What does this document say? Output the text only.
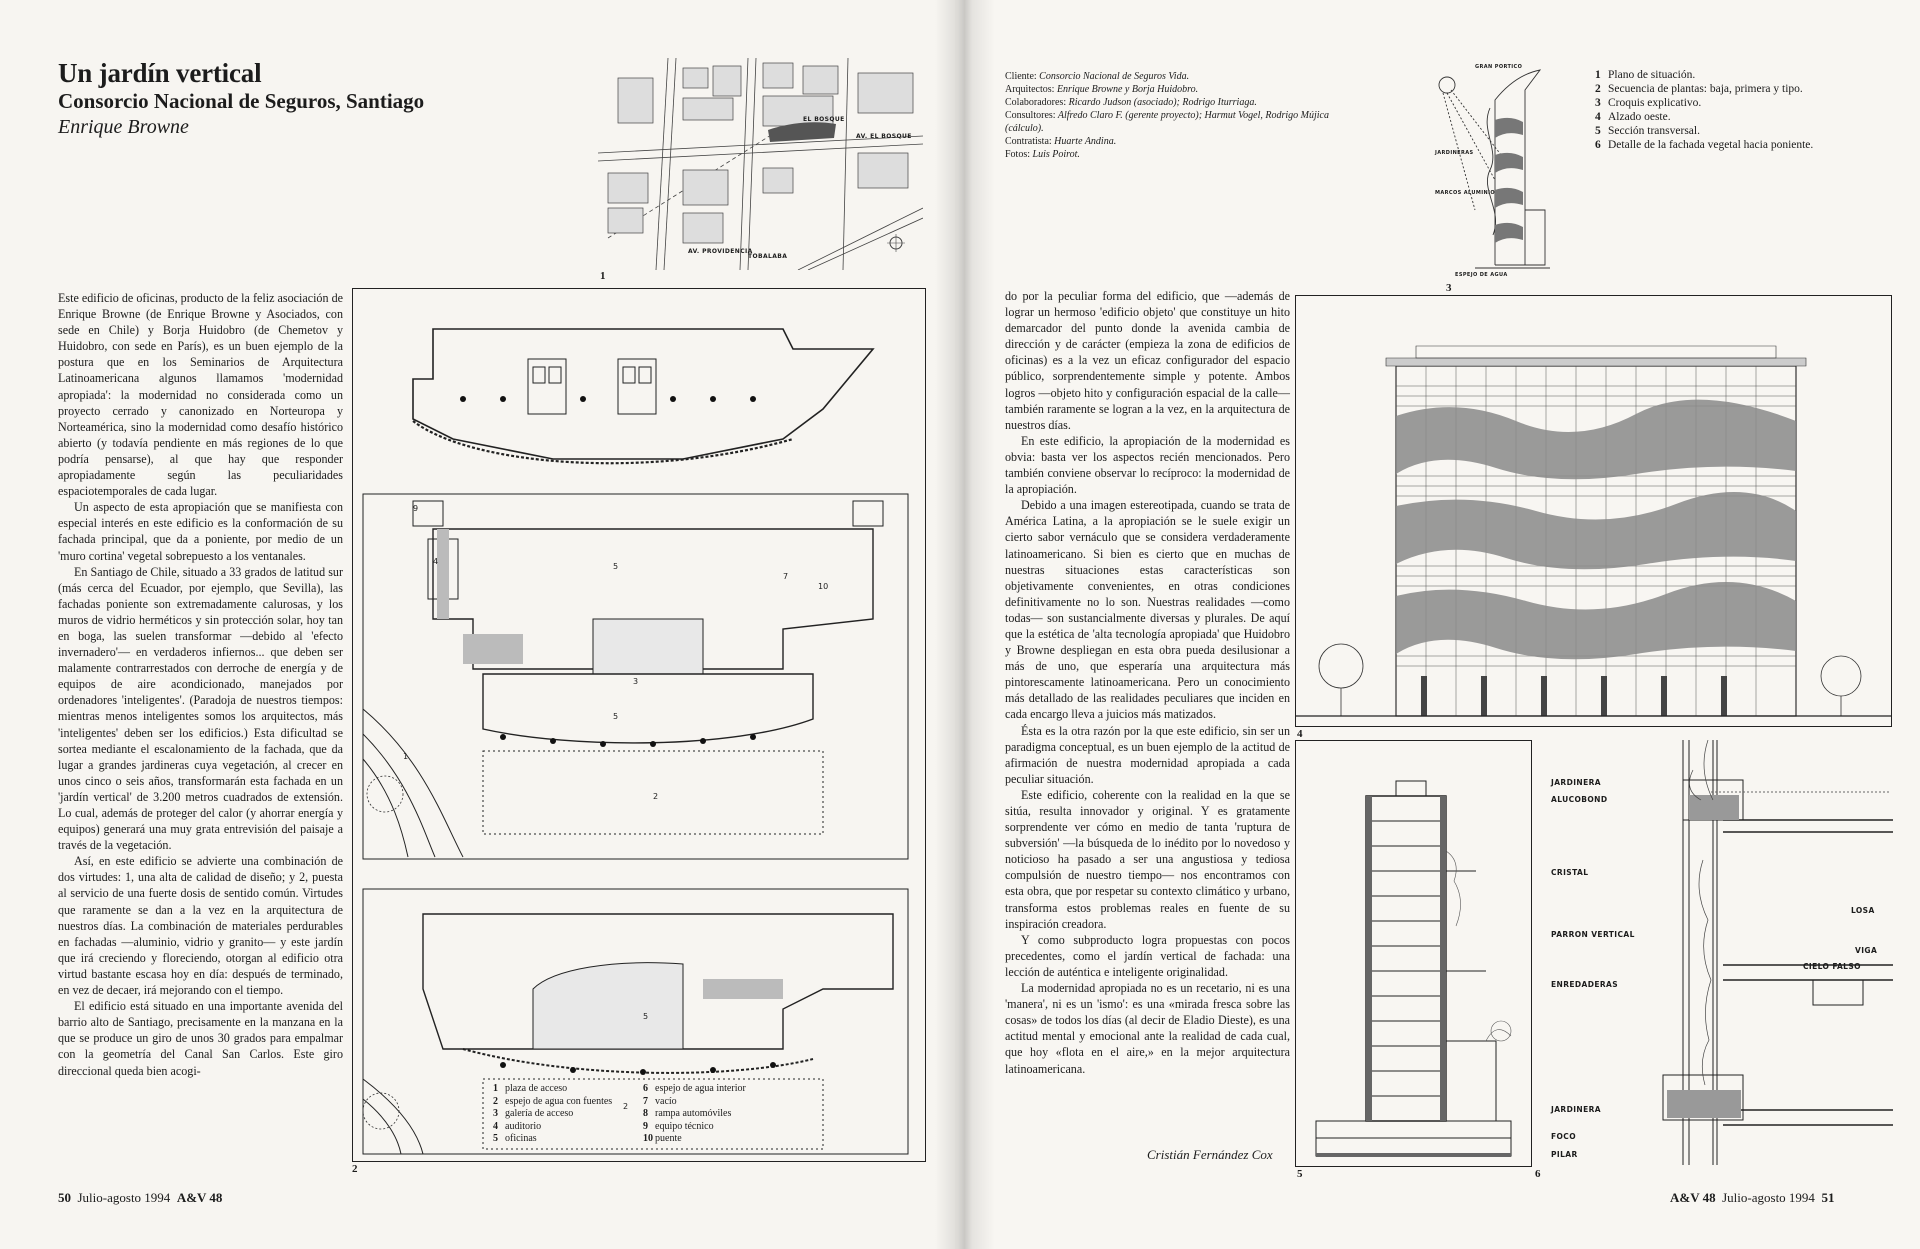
Un jardín vertical
Consorcio Nacional de Seguros, Santiago
Enrique Browne	EL BOSQUE
AV. EL BOSQUE
AV. PROVIDENCIA
TOBALABA
1

Este edificio de oficinas, producto de la feliz asociación de Enrique Browne (de Enrique Browne y Asociados, con sede en Chile) y Borja Huidobro (de Chemetov y Huidobro, con sede en París), es un buen ejemplo de la postura que en los Seminarios de Arquitectura Latinoamericana algunos llamamos 'modernidad apropiada': la modernidad no considerada como un proyecto cerrado y canonizado en Norteuropa y Norteamérica, sino la modernidad como desafío histórico abierto (y todavía pendiente en más regiones de lo que podría pensarse), al que hay que responder apropiadamente según las peculiaridades espaciotemporales de cada lugar.

Un aspecto de esta apropiación que se manifiesta con especial interés en este edificio es la conformación de su fachada principal, que da a poniente, por medio de un 'muro cortina' vegetal sobrepuesto a los ventanales.

En Santiago de Chile, situado a 33 grados de latitud sur (más cerca del Ecuador, por ejemplo, que Sevilla), las fachadas poniente son extremadamente calurosas, y los muros de vidrio herméticos y sin protección solar, hoy tan en boga, las suelen transformar —debido al 'efecto invernadero'— en verdaderos infiernos... que deben ser malamente contrarrestados con derroche de energía y de equipos de aire acondicionado, manejados por ordenadores 'inteligentes'. (Paradoja de nuestros tiempos: mientras menos inteligentes somos los arquitectos, más 'inteligentes' deben ser los edificios.) Esta dificultad se sortea mediante el escalonamiento de la fachada, que da lugar a grandes jardineras cuya vegetación, al crecer en unos cinco o seis años, transformarán esta fachada en un 'jardín vertical' de 3.200 metros cuadrados de extensión. Lo cual, además de proteger del calor (y ahorrar energía y equipos) generará una muy grata entrevisión del paisaje a través de la vegetación.

Así, en este edificio se advierte una combinación de dos virtudes: 1, una alta de calidad de diseño; y 2, puesta al servicio de una fuerte dosis de sentido común. Virtudes que raramente se dan a la vez en la arquitectura de nuestros días. La combinación de materiales perdurables en fachadas —aluminio, vidrio y granito— y este jardín que irá creciendo y floreciendo, otorgan al edificio otra virtud bastante escasa hoy en día: después de terminado, en vez de decaer, irá mejorando con el tiempo.

El edificio está situado en una importante avenida del barrio alto de Santiago, precisamente en la manzana en la que se produce un giro de unos 30 grados para empalmar con la geometría del Canal San Carlos. Este giro direccional queda bien acogi-

1
2
3
4
5
5
5
2
7
10
9
2
1 plaza de acceso	6 espejo de agua interior
2 espejo de agua con fuentes	7 vacío
3 galería de acceso	8 rampa automóviles
4 auditorio	9 equipo técnico
5 oficinas	10 puente
50 Julio-agosto 1994 A&V 48
Cliente: Consorcio Nacional de Seguros Vida.
Arquitectos: Enrique Browne y Borja Huidobro.
Colaboradores: Ricardo Judson (asociado); Rodrigo Iturriaga.
Consultores: Alfredo Claro F. (gerente proyecto); Harmut Vogel, Rodrigo Mújica (cálculo).
Contratista: Huarte Andina.
Fotos: Luis Poirot.
GRAN PORTICO
JARDINERAS
MARCOS ALUMINIO
ESPEJO DE AGUA
3
1 Plano de situación.
2 Secuencia de plantas: baja, primera y tipo.
3 Croquis explicativo.
4 Alzado oeste.
5 Sección transversal.
6 Detalle de la fachada vegetal hacia poniente.

do por la peculiar forma del edificio, que —además de lograr un hermoso 'edificio objeto' que constituye un hito demarcador del punto donde la avenida cambia de dirección y de carácter (empieza la zona de edificios de oficinas) es a la vez un eficaz configurador del espacio público, sorprendentemente simple y potente. Ambos logros —objeto hito y configuración espacial de la calle— también raramente se logran a la vez, en la arquitectura de nuestros días.

En este edificio, la apropiación de la modernidad es obvia: basta ver los aspectos recién mencionados. Pero también conviene observar lo recíproco: la modernidad de la apropiación.

Debido a una imagen estereotipada, cuando se trata de América Latina, a la apropiación se le suele exigir un cierto sabor vernáculo que se considera verdaderamente latinoamericano. Si bien es cierto que en muchas de nuestras situaciones estas características son objetivamente convenientes, en otras condiciones definitivamente no lo son. Nuestras realidades —como todas— son sustancialmente diversas y plurales. De aquí que la estética de 'alta tecnología apropiada' que Huidobro y Browne despliegan en esta obra pueda desilusionar a más de uno, que esperaría una arquitectura más pintorescamente latinoamericana. Pero un conocimiento más detallado de las realidades peculiares que inciden en cada encargo lleva a juicios más matizados.

Ésta es la otra razón por la que este edificio, sin ser un paradigma conceptual, es un buen ejemplo de la actitud de afirmación de nuestra modernidad apropiada a cada peculiar situación.

Este edificio, coherente con la realidad en la que se sitúa, resulta innovador y original. Y es gratamente sorprendente ver cómo en medio de tanta 'ruptura de subversión' —la búsqueda de lo inédito por lo novedoso y noticioso ha pasado a ser una angustiosa y tediosa compulsión de nuestro tiempo— nos encontramos con esta obra, que por respetar su contexto climático y urbano, transforma estos problemas reales en fuente de su inspiración creadora.

Y como subproducto logra propuestas con pocos precedentes, como el jardín vertical de fachada: una lección de auténtica e inteligente originalidad.

La modernidad apropiada no es un recetario, ni es una 'manera', ni es un 'ismo': es una «mirada fresca sobre las cosas» de todos los días (al decir de Eladio Dieste), es una actitud mental y emocional ante la realidad de cada cual, que hoy «flota en el aire,» en la mejor arquitectura latinoamericana.

Cristián Fernández Cox
4
5
JARDINERA
ALUCOBOND
CRISTAL
LOSA
PARRON VERTICAL
VIGA
CIELO FALSO
ENREDADERAS
JARDINERA
FOCO
PILAR
6
A&V 48 Julio-agosto 1994 51
